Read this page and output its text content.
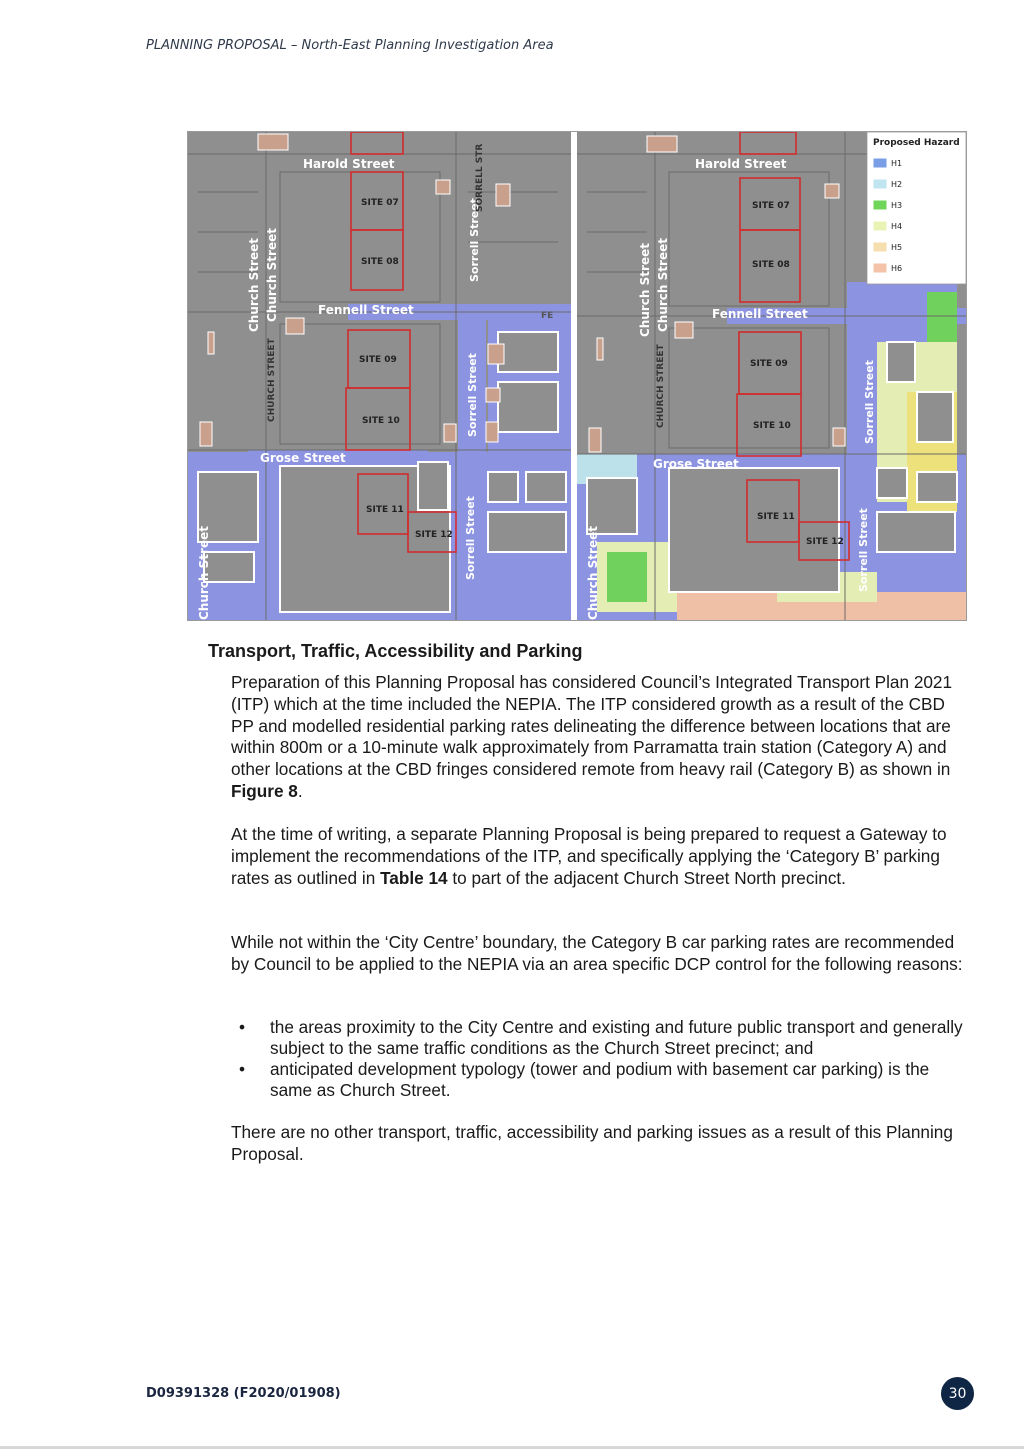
PLANNING PROPOSAL – North-East Planning Investigation Area
Harold Street
Fennell Street
Grose Street
FE
Church Street Church Street
CHURCH STREET
Sorrell Street
SORRELL STR
Sorrell Street
Sorrell Street
Church Street
SITE 07
SITE 08
SITE 09
SITE 10
SITE 11
SITE 12
Harold Street
Fennell Street
Grose Street
Church Street Church Street
CHURCH STREET	Sorrell Street
Sorrell Street
Church Street
SITE 07
SITE 08
SITE 09
SITE 10
SITE 11
SITE 12
Proposed Hazard
H1
H2
H3
H4
H5
H6
Transport, Traffic, Accessibility and Parking

Preparation of this Planning Proposal has considered Council’s Integrated Transport Plan 2021 (ITP) which at the time included the NEPIA. The ITP considered growth as a result of the CBD PP and modelled residential parking rates delineating the difference between locations that are within 800m or a 10-minute walk approximately from Parramatta train station (Category A) and other locations at the CBD fringes considered remote from heavy rail (Category B) as shown in Figure 8.

At the time of writing, a separate Planning Proposal is being prepared to request a Gateway to implement the recommendations of the ITP, and specifically applying the ‘Category B’ parking rates as outlined in Table 14 to part of the adjacent Church Street North precinct.

While not within the ‘City Centre’ boundary, the Category B car parking rates are recommended by Council to be applied to the NEPIA via an area specific DCP control for the following reasons:

• the areas proximity to the City Centre and existing and future public transport and generally subject to the same traffic conditions as the Church Street precinct; and
• anticipated development typology (tower and podium with basement car parking) is the same as Church Street.

There are no other transport, traffic, accessibility and parking issues as a result of this Planning Proposal.

D09391328 (F2020/01908)	30
